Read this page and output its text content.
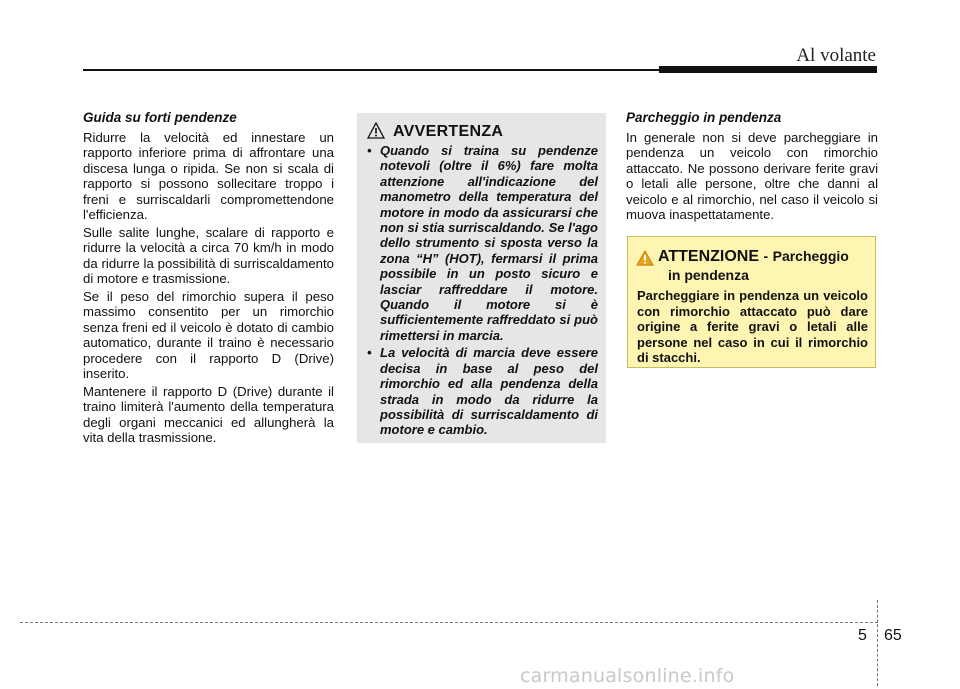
Al volante
Guida su forti pendenze

Ridurre la velocità ed innestare un rapporto inferiore prima di affrontare una discesa lunga o ripida. Se non si scala di rapporto si possono sollecitare troppo i freni e surriscaldarli compromettendone l'efficienza.

Sulle salite lunghe, scalare di rapporto e ridurre la velocità a circa 70 km/h in modo da ridurre la possibilità di surriscaldamento di motore e trasmissione.

Se il peso del rimorchio supera il peso massimo consentito per un rimorchio senza freni ed il veicolo è dotato di cambio automatico, durante il traino è necessario procedere con il rapporto D (Drive) inserito.

Mantenere il rapporto D (Drive) durante il traino limiterà l'aumento della temperatura degli organi meccanici ed allungherà la vita della trasmissione.

AVVERTENZA
• Quando si traina su pendenze notevoli (oltre il 6%) fare molta attenzione all'indicazione del manometro della temperatura del motore in modo da assicurarsi che non si stia surriscaldando. Se l'ago dello strumento si sposta verso la zona “H” (HOT), fermarsi il prima possibile in un posto sicuro e lasciar raffreddare il motore. Quando il motore si è sufficientemente raffreddato si può rimettersi in marcia.
• La velocità di marcia deve essere decisa in base al peso del rimorchio ed alla pendenza della strada in modo da ridurre la possibilità di surriscaldamento di motore e cambio.
Parcheggio in pendenza

In generale non si deve parcheggiare in pendenza un veicolo con rimorchio attaccato. Ne possono derivare ferite gravi o letali alle persone, oltre che danni al veicolo e al rimorchio, nel caso il veicolo si muova inaspettatamente.

ATTENZIONE - Parcheggio
in pendenza
Parcheggiare in pendenza un veicolo con rimorchio attaccato può dare origine a ferite gravi o letali alle persone nel caso in cui il rimorchio di stacchi.
5 65
carmanualsonline.info
